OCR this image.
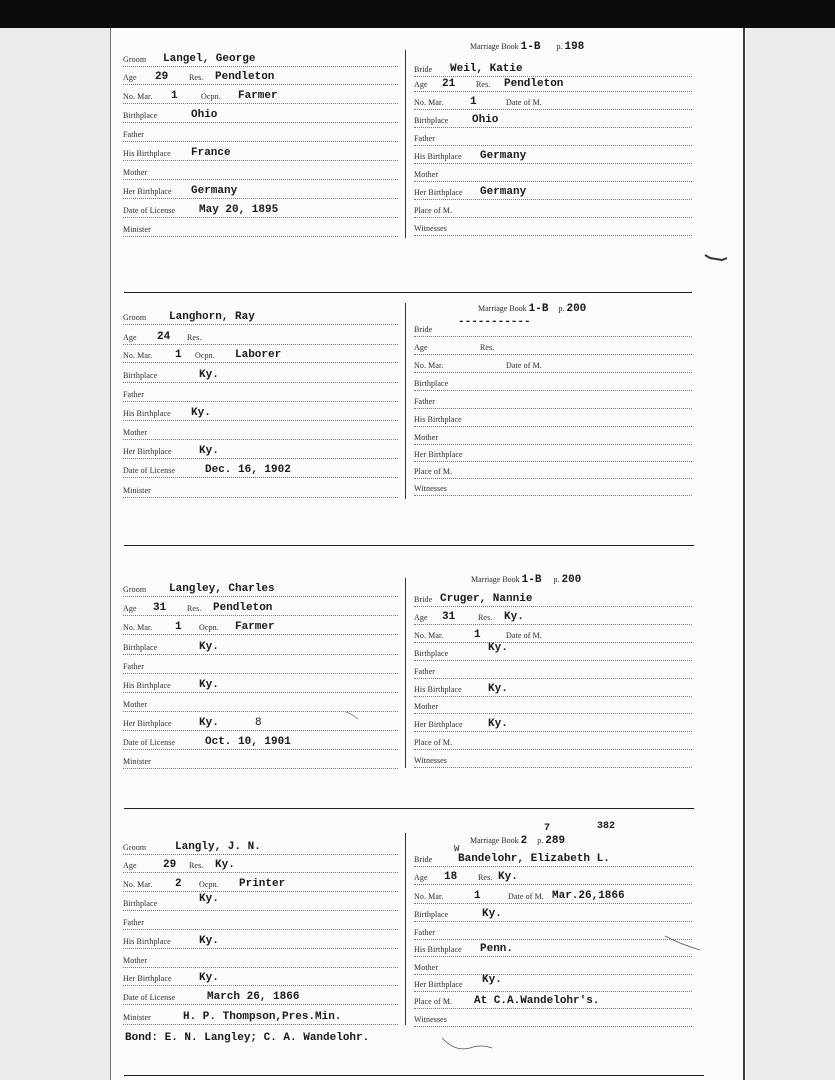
Groom Langel, George
Age 29	Res. Pendleton
No. Mar. 1	Ocpn. Farmer
Birthplace	Ohio
Father
His Birthplace France
Mother
Her Birthplace Germany
Date of License May 20, 1895
Minister
Marriage Book 1-B p. 198
Bride Weil, Katie
Age 21	Res. Pendleton
No. Mar. 1	Date of M.
Birthplace Ohio
Father
His Birthplace Germany
Mother
Her Birthplace Germany
Place of M.
Witnesses
Groom Langhorn, Ray
Age 24 Res.
No. Mar. 1 Ocpn. Laborer
Birthplace	Ky.
Father
His Birthplace Ky.
Mother
Her Birthplace Ky.
Date of License	Dec. 16, 1902
Minister
Marriage Book 1-B p. 200
Bride
-----------
Age	Res.
No. Mar.	Date of M.
Birthplace
Father
His Birthplace
Mother
Her Birthplace
Place of M.
Witnesses
Groom Langley, Charles
Age 31	Res. Pendleton
No. Mar. 1 Ocpn. Farmer
Birthplace	Ky.
Father
His Birthplace	Ky.
Mother
Her Birthplace Ky.	8
Date of License	Oct. 10, 1901
Minister
Marriage Book 1-B p. 200
Bride Cruger, Nannie
Age 31	Res. Ky.
No. Mar.	1	Date of M.
Birthplace	Ky.
Father
His Birthplace Ky.
Mother
Her Birthplace Ky.
Place of M.
Witnesses
Groom	Langly, J. N.
Age 29 Res. Ky.
No. Mar. 2 Ocpn. Printer
Birthplace	Ky.
Father
His Birthplace	Ky.
Mother
Her Birthplace Ky.
Date of License	March 26, 1866
Minister	H. P. Thompson,Pres.Min.
Marriage Book 2 p. 289
7	382
W
Bride Bandelohr, Elizabeth L.
Age 18	Res. Ky.
No. Mar.	1	Date of M. Mar.26,1866
Birthplace	Ky.
Father
His Birthplace Penn.
Mother
Her Birthplace Ky.
Place of M. At C.A.Wandelohr's.
Witnesses
Bond: E. N. Langley; C. A. Wandelohr.
